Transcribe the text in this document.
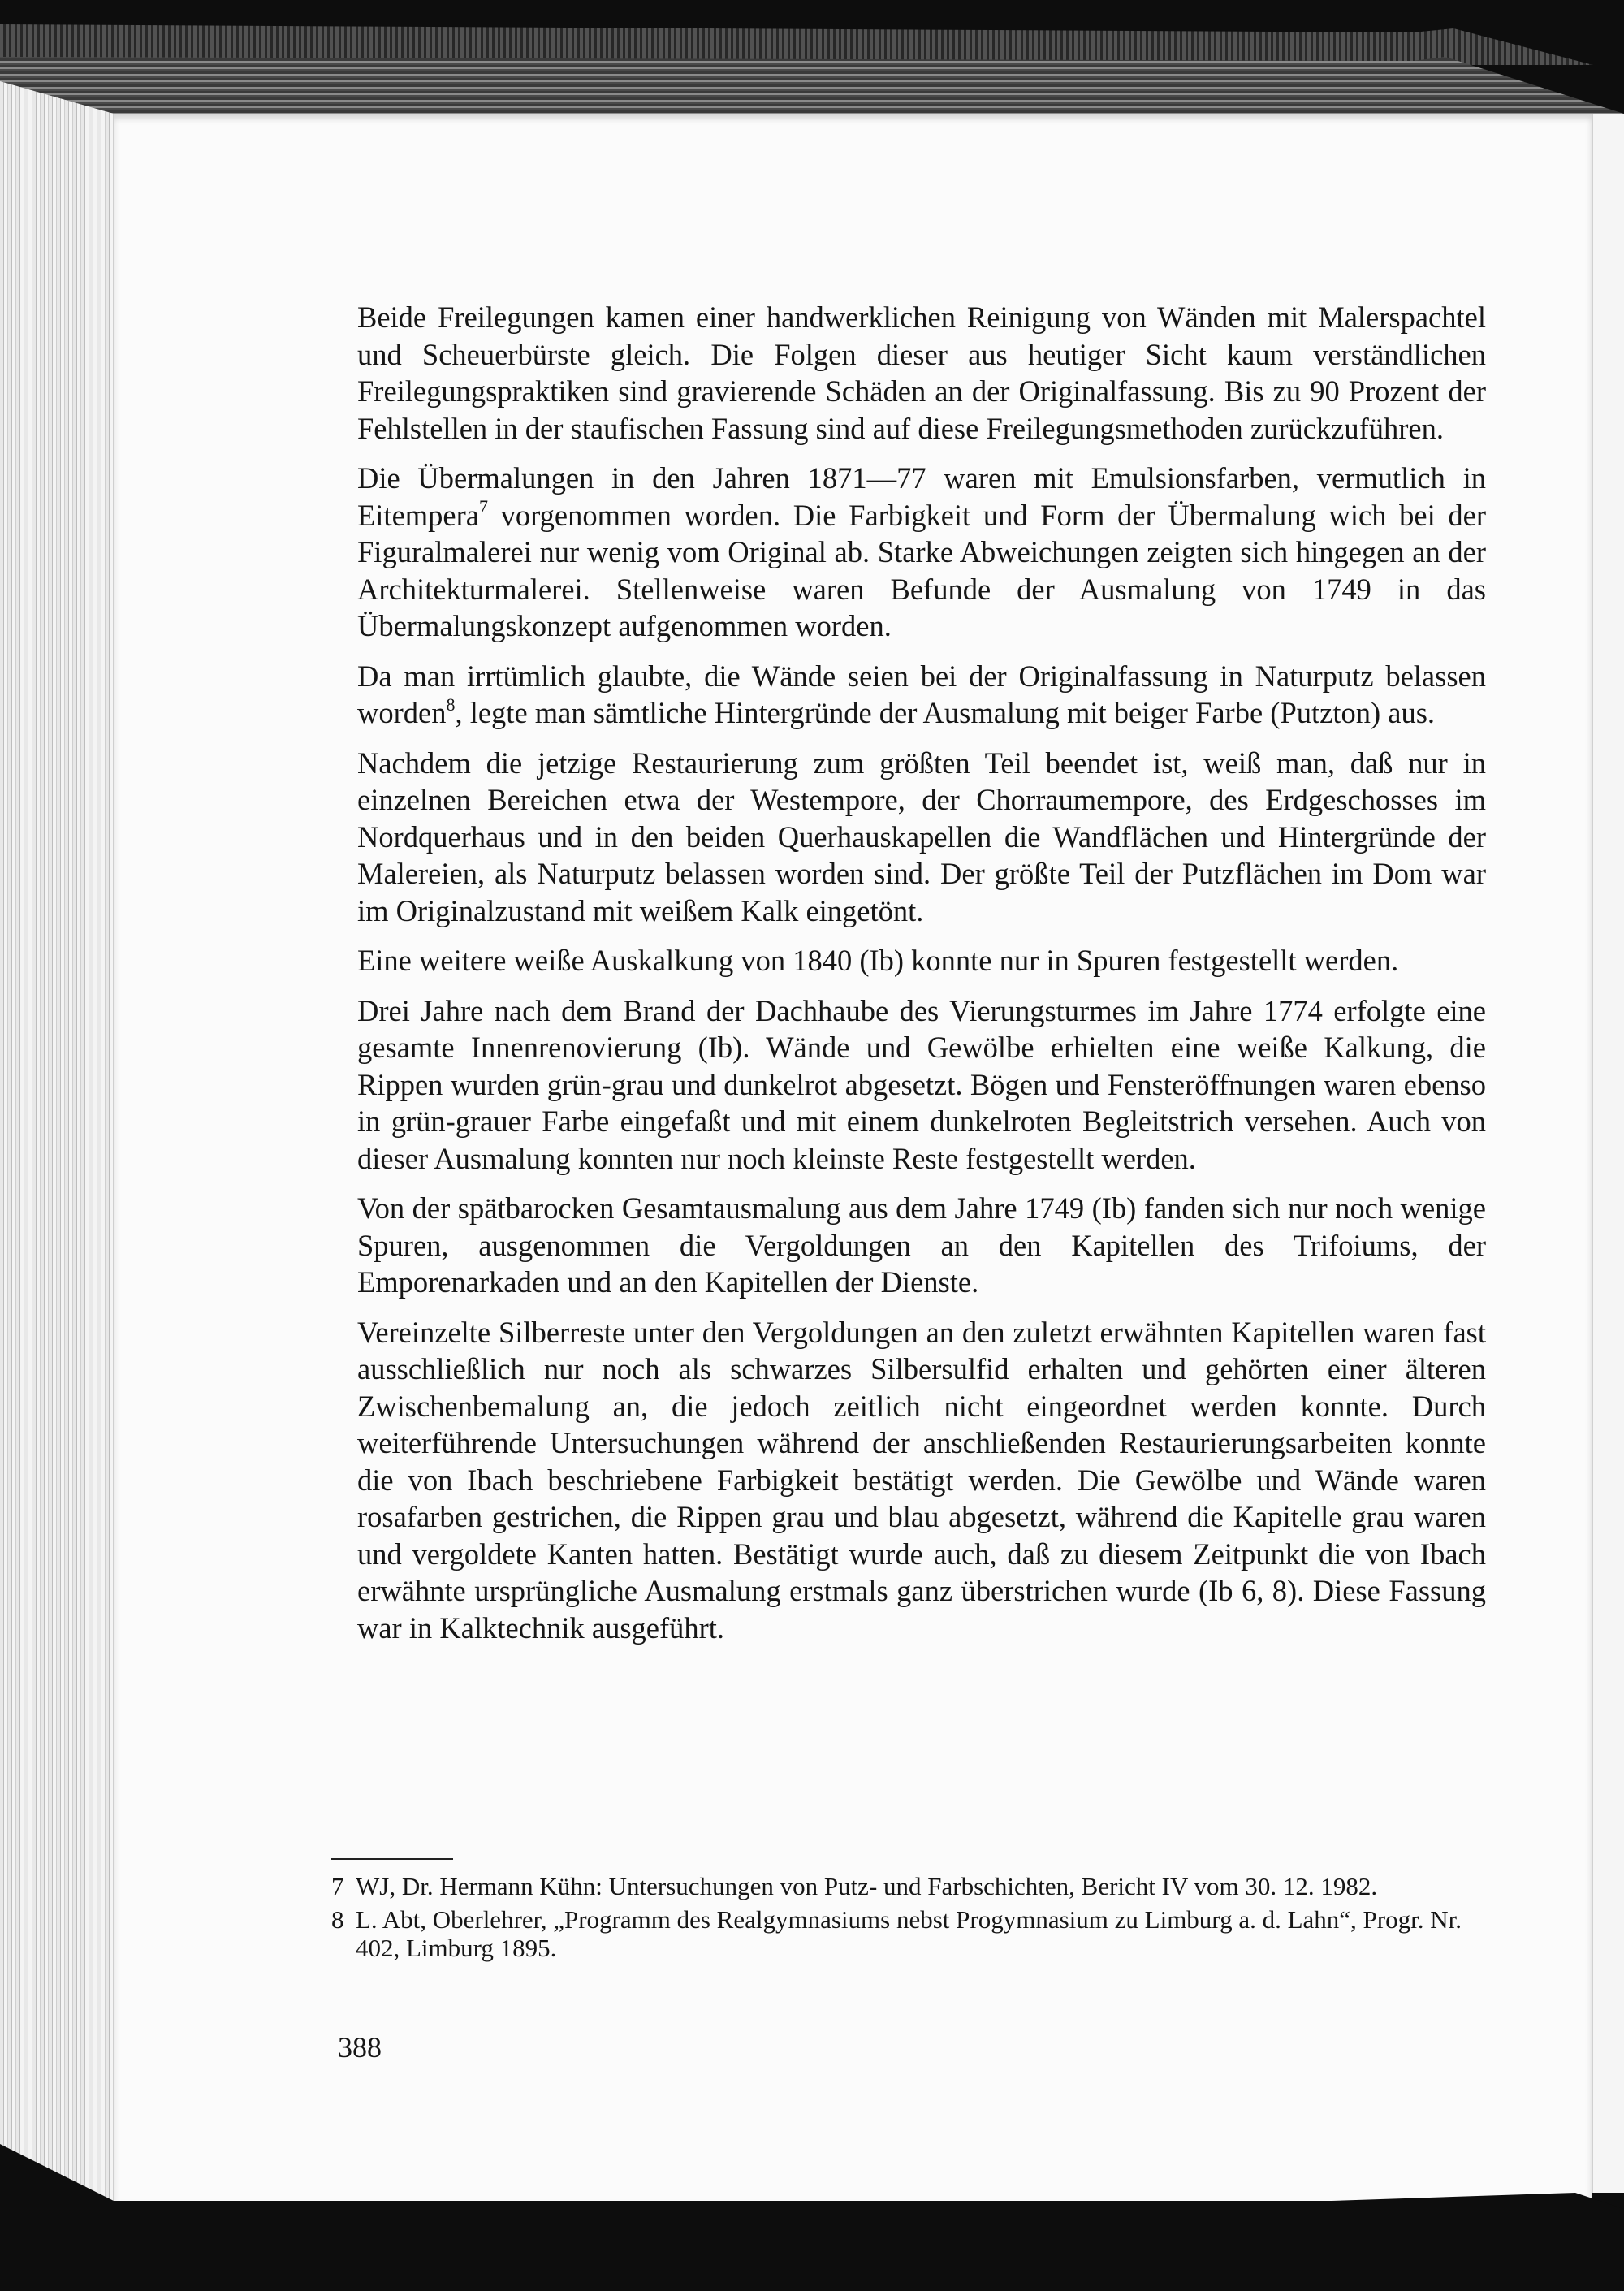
Beide Freilegungen kamen einer handwerklichen Reinigung von Wänden mit Malerspachtel und Scheuerbürste gleich. Die Folgen dieser aus heutiger Sicht kaum verständlichen Freilegungspraktiken sind gravierende Schäden an der Originalfassung. Bis zu 90 Prozent der Fehlstellen in der staufischen Fassung sind auf diese Freilegungsmethoden zurückzuführen.

Die Übermalungen in den Jahren 1871—77 waren mit Emulsionsfarben, vermutlich in Eitempera$^7$ vorgenommen worden. Die Farbigkeit und Form der Übermalung wich bei der Figuralmalerei nur wenig vom Original ab. Starke Abweichungen zeigten sich hingegen an der Architekturmalerei. Stellenweise waren Befunde der Ausmalung von 1749 in das Übermalungskonzept aufgenommen worden.

Da man irrtümlich glaubte, die Wände seien bei der Originalfassung in Naturputz belassen worden$^8$, legte man sämtliche Hintergründe der Ausmalung mit beiger Farbe (Putzton) aus.

Nachdem die jetzige Restaurierung zum größten Teil beendet ist, weiß man, daß nur in einzelnen Bereichen etwa der Westempore, der Chorraumempore, des Erdgeschosses im Nordquerhaus und in den beiden Querhauskapellen die Wandflächen und Hintergründe der Malereien, als Naturputz belassen worden sind. Der größte Teil der Putzflächen im Dom war im Originalzustand mit weißem Kalk eingetönt.

Eine weitere weiße Auskalkung von 1840 (Ib) konnte nur in Spuren festgestellt werden.

Drei Jahre nach dem Brand der Dachhaube des Vierungsturmes im Jahre 1774 erfolgte eine gesamte Innenrenovierung (Ib). Wände und Gewölbe erhielten eine weiße Kalkung, die Rippen wurden grün-grau und dunkelrot abgesetzt. Bögen und Fensteröffnungen waren ebenso in grün-grauer Farbe eingefaßt und mit einem dunkelroten Begleitstrich versehen. Auch von dieser Ausmalung konnten nur noch kleinste Reste festgestellt werden.

Von der spätbarocken Gesamtausmalung aus dem Jahre 1749 (Ib) fanden sich nur noch wenige Spuren, ausgenommen die Vergoldungen an den Kapitellen des Trifoiums, der Emporenarkaden und an den Kapitellen der Dienste.

Vereinzelte Silberreste unter den Vergoldungen an den zuletzt erwähnten Kapitellen waren fast ausschließlich nur noch als schwarzes Silbersulfid erhalten und gehörten einer älteren Zwischenbemalung an, die jedoch zeitlich nicht eingeordnet werden konnte. Durch weiterführende Untersuchungen während der anschließenden Restaurierungsarbeiten konnte die von Ibach beschriebene Farbigkeit bestätigt werden. Die Gewölbe und Wände waren rosafarben gestrichen, die Rippen grau und blau abgesetzt, während die Kapitelle grau waren und vergoldete Kanten hatten. Bestätigt wurde auch, daß zu diesem Zeitpunkt die von Ibach erwähnte ursprüngliche Ausmalung erstmals ganz überstrichen wurde (Ib 6, 8). Diese Fassung war in Kalktechnik ausgeführt.

7 WJ, Dr. Hermann Kühn: Untersuchungen von Putz- und Farbschichten, Bericht IV vom 30. 12. 1982.
8 L. Abt, Oberlehrer, „Programm des Realgymnasiums nebst Progymnasium zu Limburg a. d. Lahn“, Progr. Nr. 402, Limburg 1895.
388
